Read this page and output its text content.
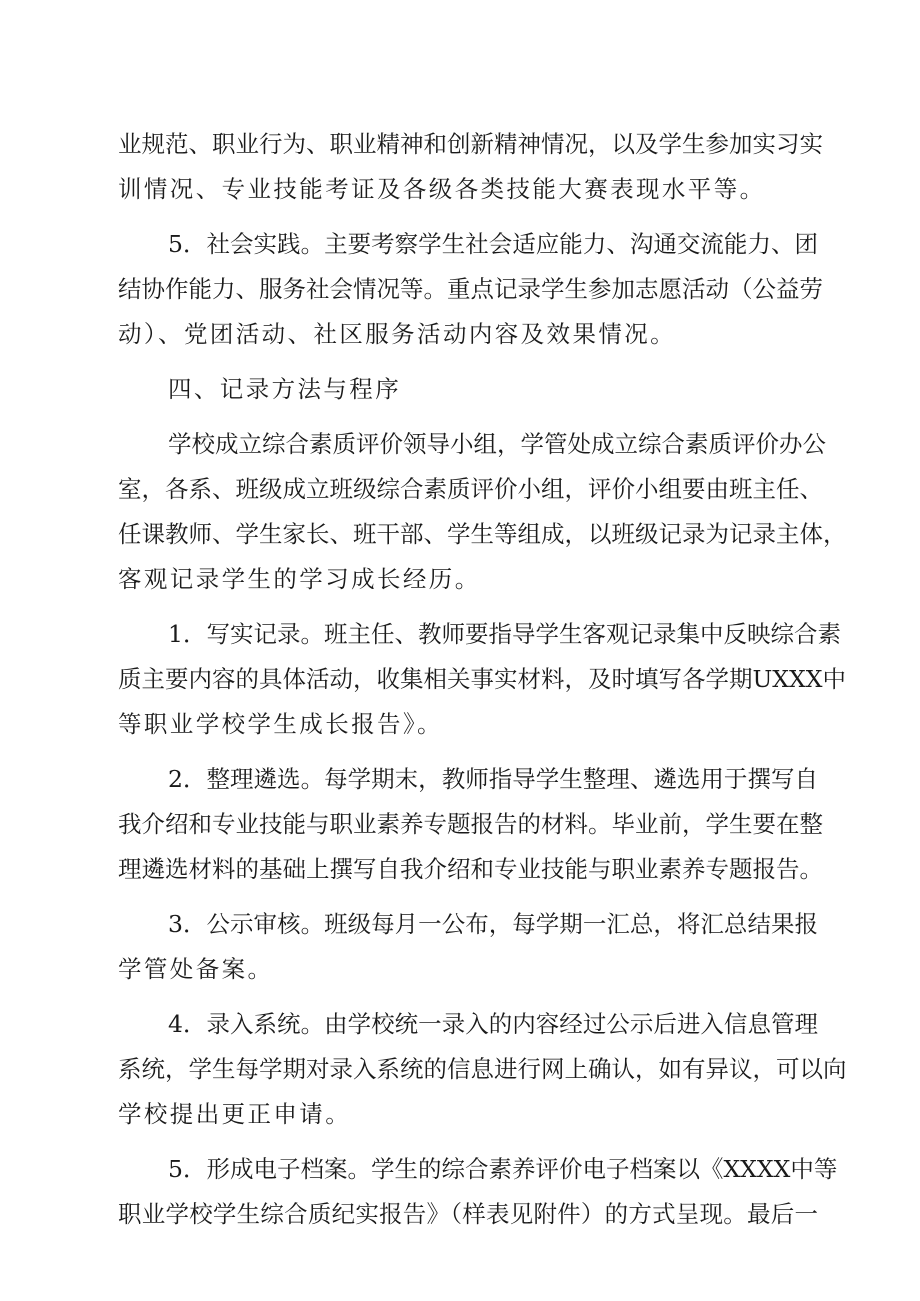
业规范、职业行为、职业精神和创新精神情况，以及学生参加实习实
训情况、专业技能考证及各级各类技能大赛表现水平等。
5．社会实践。主要考察学生社会适应能力、沟通交流能力、团
结协作能力、服务社会情况等。重点记录学生参加志愿活动（公益劳
动）、党团活动、社区服务活动内容及效果情况。
四、记录方法与程序
学校成立综合素质评价领导小组，学管处成立综合素质评价办公
室，各系、班级成立班级综合素质评价小组，评价小组要由班主任、
任课教师、学生家长、班干部、学生等组成，以班级记录为记录主体，
客观记录学生的学习成长经历。
1．写实记录。班主任、教师要指导学生客观记录集中反映综合素
质主要内容的具体活动，收集相关事实材料，及时填写各学期UXXX中
等职业学校学生成长报告》。
2．整理遴选。每学期末，教师指导学生整理、遴选用于撰写自
我介绍和专业技能与职业素养专题报告的材料。毕业前，学生要在整
理遴选材料的基础上撰写自我介绍和专业技能与职业素养专题报告。
3．公示审核。班级每月一公布，每学期一汇总，将汇总结果报
学管处备案。
4．录入系统。由学校统一录入的内容经过公示后进入信息管理
系统，学生每学期对录入系统的信息进行网上确认，如有异议，可以向
学校提出更正申请。
5．形成电子档案。学生的综合素养评价电子档案以《XXXX中等
职业学校学生综合质纪实报告》（样表见附件）的方式呈现。最后一
